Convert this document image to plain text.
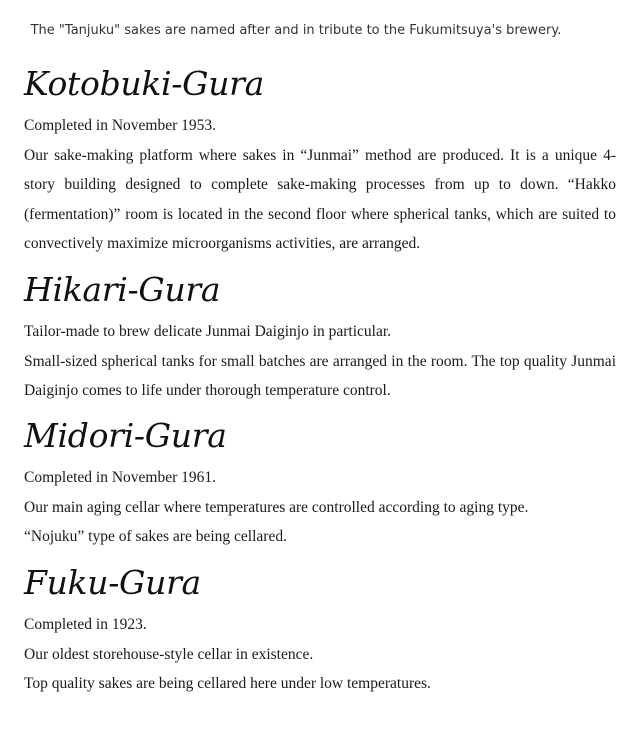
The "Tanjuku" sakes are named after and in tribute to the Fukumitsuya's brewery.

Kotobuki-Gura

Completed in November 1953.

Our sake-making platform where sakes in “Junmai” method are produced. It is a unique 4-story building designed to complete sake-making processes from up to down. “Hakko (fermentation)” room is located in the second floor where spherical tanks, which are suited to convectively maximize microorganisms activities, are arranged.

Hikari-Gura

Tailor-made to brew delicate Junmai Daiginjo in particular.

Small-sized spherical tanks for small batches are arranged in the room. The top quality Junmai Daiginjo comes to life under thorough temperature control.

Midori-Gura

Completed in November 1961.

Our main aging cellar where temperatures are controlled according to aging type.

“Nojuku” type of sakes are being cellared.

Fuku-Gura

Completed in 1923.

Our oldest storehouse-style cellar in existence.

Top quality sakes are being cellared here under low temperatures.
